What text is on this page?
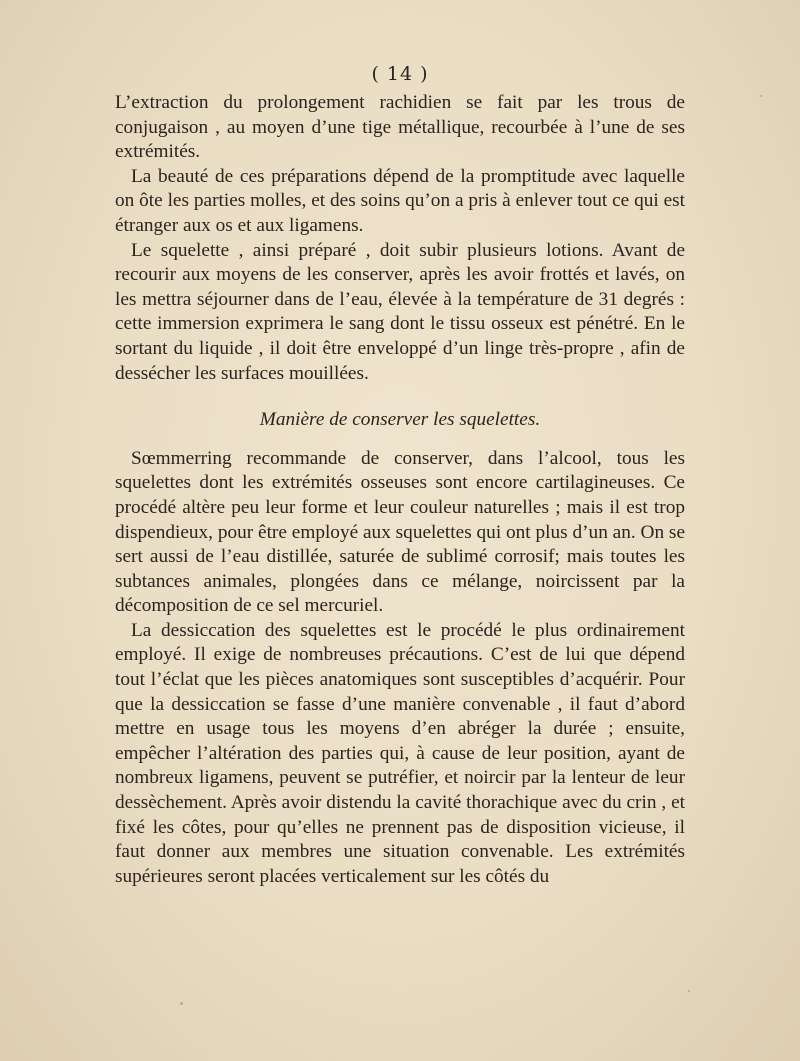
( 14 )

L’extraction du prolongement rachidien se fait par les trous de conjugaison , au moyen d’une tige métallique, recourbée à l’une de ses extrémités.

La beauté de ces préparations dépend de la promptitude avec laquelle on ôte les parties molles, et des soins qu’on a pris à enlever tout ce qui est étranger aux os et aux ligamens.

Le squelette , ainsi préparé , doit subir plusieurs lotions. Avant de recourir aux moyens de les conserver, après les avoir frottés et lavés, on les mettra séjourner dans de l’eau, élevée à la température de 31 degrés : cette immersion exprimera le sang dont le tissu osseux est pénétré. En le sortant du liquide , il doit être enveloppé d’un linge très-propre , afin de dessécher les surfaces mouillées.

Manière de conserver les squelettes.

Sœmmerring recommande de conserver, dans l’alcool, tous les squelettes dont les extrémités osseuses sont encore cartilagineuses. Ce procédé altère peu leur forme et leur couleur naturelles ; mais il est trop dispendieux, pour être employé aux squelettes qui ont plus d’un an. On se sert aussi de l’eau distillée, saturée de sublimé corrosif; mais toutes les subtances animales, plongées dans ce mélange, noircissent par la décomposition de ce sel mercuriel.

La dessiccation des squelettes est le procédé le plus ordinairement employé. Il exige de nombreuses précautions. C’est de lui que dépend tout l’éclat que les pièces anatomiques sont susceptibles d’acquérir. Pour que la dessiccation se fasse d’une manière convenable , il faut d’abord mettre en usage tous les moyens d’en abréger la durée ; ensuite, empêcher l’altération des parties qui, à cause de leur position, ayant de nombreux ligamens, peuvent se putréfier, et noircir par la lenteur de leur dessèchement. Après avoir distendu la cavité thorachique avec du crin , et fixé les côtes, pour qu’elles ne prennent pas de disposition vicieuse, il faut donner aux membres une situation convenable. Les extrémités supérieures seront placées verticalement sur les côtés du
